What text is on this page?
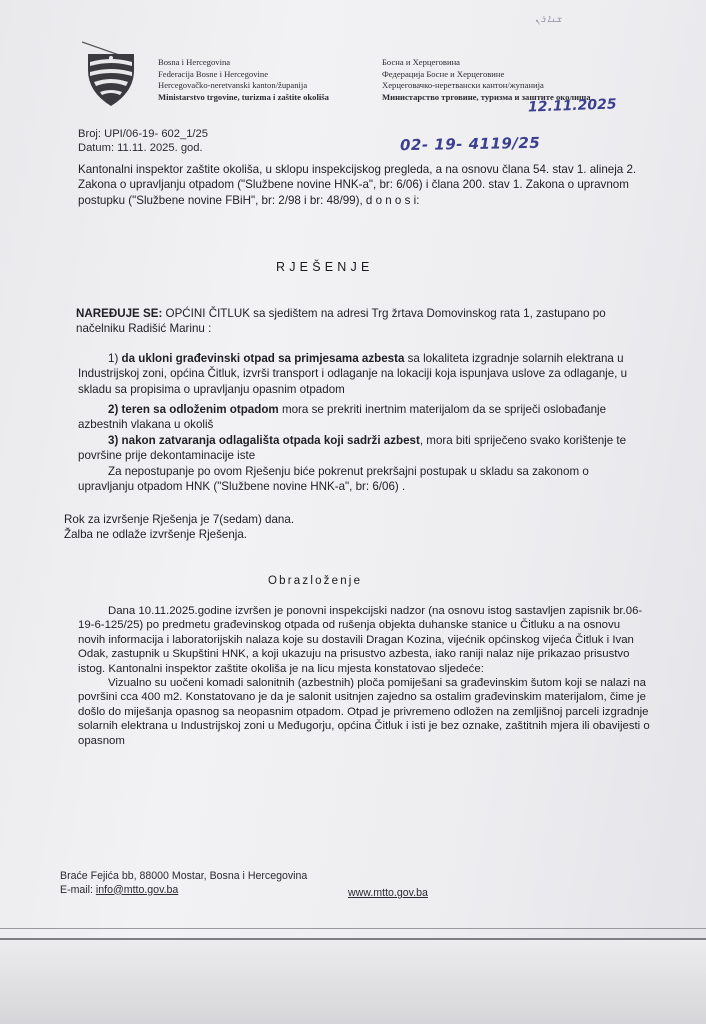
Bosna i Hercegovina
Federacija Bosne i Hercegovine
Hercegovačko-neretvanski kanton/županija
Ministarstvo trgovine, turizma i zaštite okoliša
Босна и Херцеговина
Федерација Босне и Херцеговине
Херцеговачко-неретвански кантон/жупанија
Министарство трговине, туризма и заштите околиша
ܫܢܐ ܪܢ
12.11.2025
02- 19- 4119/25
Broj: UPI/06-19- 602_1/25
Datum: 11.11. 2025. god.
Kantonalni inspektor zaštite okoliša, u sklopu inspekcijskog pregleda, a na osnovu člana 54. stav 1. alineja 2. Zakona o upravljanju otpadom ("Službene novine HNK-a", br: 6/06) i člana 200. stav 1. Zakona o upravnom postupku ("Službene novine FBiH", br: 2/98 i br: 48/99), d o n o s i:
RJEŠENJE
NAREĐUJE SE: OPĆINI ČITLUK sa sjedištem na adresi Trg žrtava Domovinskog rata 1, zastupano po načelniku Radišić Marinu :
1) da ukloni građevinski otpad sa primjesama azbesta sa lokaliteta izgradnje solarnih elektrana u Industrijskoj zoni, općina Čitluk, izvrši transport i odlaganje na lokaciji koja ispunjava uslove za odlaganje, u skladu sa propisima o upravljanju opasnim otpadom
2) teren sa odloženim otpadom mora se prekriti inertnim materijalom da se spriječi oslobađanje azbestnih vlakana u okoliš
3) nakon zatvaranja odlagališta otpada koji sadrži azbest, mora biti spriječeno svako korištenje te površine prije dekontaminacije iste
Za nepostupanje po ovom Rješenju biće pokrenut prekršajni postupak u skladu sa zakonom o upravljanju otpadom HNK ("Službene novine HNK-a", br: 6/06) .
Rok za izvršenje Rješenja je 7(sedam) dana.
Žalba ne odlaže izvršenje Rješenja.
Obrazloženje
Dana 10.11.2025.godine izvršen je ponovni inspekcijski nadzor (na osnovu istog sastavljen zapisnik br.06-19-6-125/25) po predmetu građevinskog otpada od rušenja objekta duhanske stanice u Čitluku a na osnovu novih informacija i laboratorijskih nalaza koje su dostavili Dragan Kozina, vijećnik općinskog vijeća Čitluk i Ivan Odak, zastupnik u Skupštini HNK, a koji ukazuju na prisustvo azbesta, iako raniji nalaz nije prikazao prisustvo istog. Kantonalni inspektor zaštite okoliša je na licu mjesta konstatovao sljedeće:
Vizualno su uočeni komadi salonitnih (azbestnih) ploča pomiješani sa građevinskim šutom koji se nalazi na površini cca 400 m2. Konstatovano je da je salonit usitnjen zajedno sa ostalim građevinskim materijalom, čime je došlo do miješanja opasnog sa neopasnim otpadom. Otpad je privremeno odložen na zemljišnoj parceli izgradnje solarnih elektrana u Industrijskoj zoni u Međugorju, općina Čitluk i isti je bez oznake, zaštitnih mjera ili obavijesti o opasnom
Braće Fejića bb, 88000 Mostar, Bosna i Hercegovina
E-mail: info@mtto.gov.ba	www.mtto.gov.ba
